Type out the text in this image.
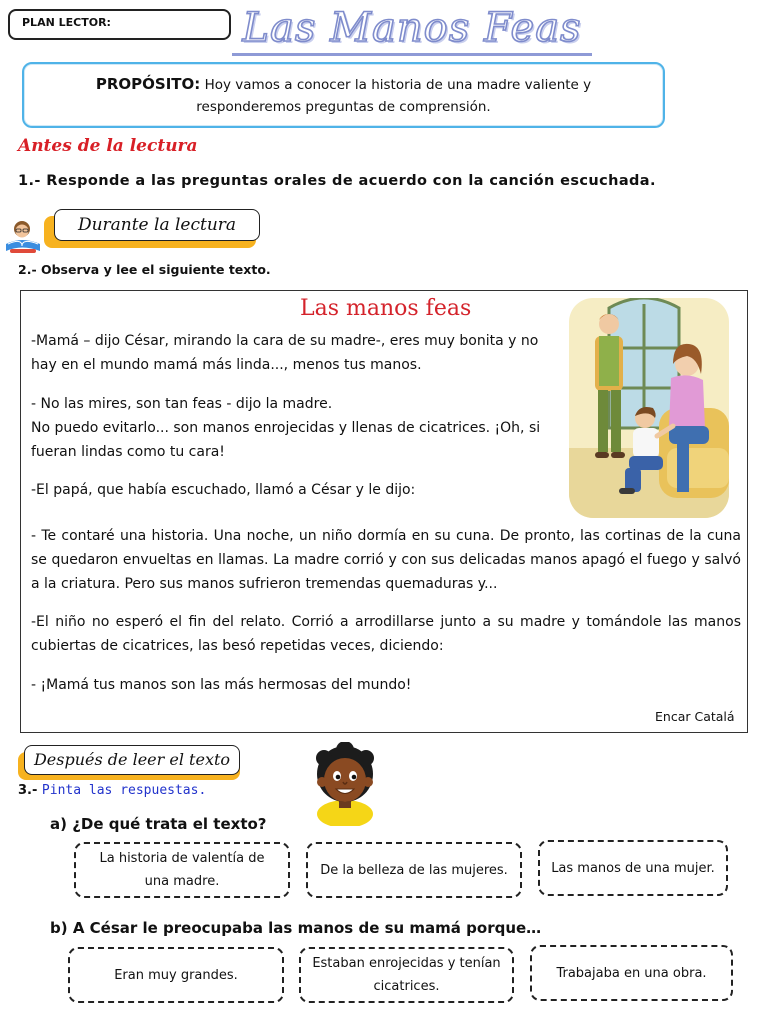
PLAN LECTOR:	Las Manos Feas
PROPÓSITO: Hoy vamos a conocer la historia de una madre valiente y
responderemos preguntas de comprensión.
Antes de la lectura
1.- Responde a las preguntas orales de acuerdo con la canción escuchada.
Durante la lectura
2.- Observa y lee el siguiente texto.
Las manos feas
-Mamá – dijo César, mirando la cara de su madre-, eres muy bonita y no hay en el mundo mamá más linda..., menos tus manos.
- No las mires, son tan feas - dijo la madre.
No puedo evitarlo... son manos enrojecidas y llenas de cicatrices. ¡Oh, si fueran lindas como tu cara!
-El papá, que había escuchado, llamó a César y le dijo:
- Te contaré una historia. Una noche, un niño dormía en su cuna. De pronto, las cortinas de la cuna se quedaron envueltas en llamas. La madre corrió y con sus delicadas manos apagó el fuego y salvó a la criatura. Pero sus manos sufrieron tremendas quemaduras y...
-El niño no esperó el fin del relato. Corrió a arrodillarse junto a su madre y tomándole las manos cubiertas de cicatrices, las besó repetidas veces, diciendo:
- ¡Mamá tus manos son las más hermosas del mundo!
Encar Catalá
Después de leer el texto
3.- Pinta las respuestas.
a) ¿De qué trata el texto?
La historia de valentía de una madre.
De la belleza de las mujeres.	Las manos de una mujer.
b) A César le preocupaba las manos de su mamá porque…
Eran muy grandes.
Estaban enrojecidas y tenían cicatrices.
Trabajaba en una obra.
